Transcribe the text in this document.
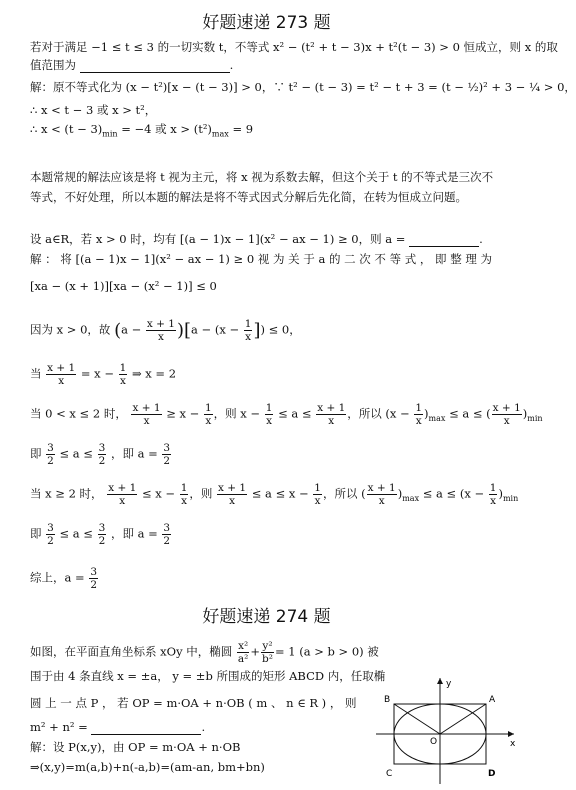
好题速递 273 题
若对于满足 −1 ≤ t ≤ 3 的一切实数 t，不等式 x² − (t² + t − 3)x + t²(t − 3) > 0 恒成立，则 x 的取
值范围为	.
解：原不等式化为 (x − t²)[x − (t − 3)] > 0，∵ t² − (t − 3) = t² − t + 3 = (t − ½)² + 3 − ¼ > 0，
∴ x < t − 3 或 x > t²，
∴ $x < (t - 3)_{min} = -4$ 或 $x > (t^2)_{max} = 9$
本题常规的解法应该是将 t 视为主元，将 x 视为系数去解，但这个关于 t 的不等式是三次不
等式，不好处理，所以本题的解法是将不等式因式分解后先化简，在转为恒成立问题。
设 a∈R，若 x > 0 时，均有 [(a − 1)x − 1](x² − ax − 1) ≥ 0，则 a =	.
解 ： 将 [(a − 1)x − 1](x² − ax − 1) ≥ 0 视 为 关 于 a 的 二 次 不 等 式 ， 即 整 理 为
[xa − (x + 1)][xa − (x² − 1)] ≤ 0
因为 x > 0，故 $(a - \frac{x + 1}{x} )[a - (x - \frac{1}{x}$ ]) ≤ 0，
当 $\frac{x + 1}{x} = x - \frac{1}{x}$ ⇒ x = 2
当 0 < x ≤ 2 时， $\frac{x + 1}{x} \ge x - \frac{1}{x}$ ，则 $x - \frac{1}{x} \le a \le \frac{x + 1}{x}$ ，所以 $(x - \frac{1}{x} )_{max} \le a$ ≤ ( $\frac{x + 1}{x} )_{min}$
即 $\frac{3}{2} \le a \le \frac{3}{2}$ ，即 $a = \frac{3}{2}$
当 x ≥ 2 时， $\frac{x + 1}{x} \le x - \frac{1}{x}$ ，则 $\frac{x + 1}{x} \le a \le x - \frac{1}{x}$ ，所以 ( $\frac{x + 1}{x} )_{max} \le a \le (x - \frac{1}{x} )_{min}$
即 $\frac{3}{2} \le a \le \frac{3}{2}$ ，即 $a = \frac{3}{2}$
综上，$a = \frac{3}{2}$
好题速递 274 题
如图，在平面直角坐标系 xOy 中，椭圆 $\frac{\text{x²}}{\text{a²}} + \frac{\text{y²}}{\text{b²}} = 1$ (a > b > 0) 被
围于由 4 条直线 x = ±a， y = ±b 所围成的矩形 ABCD 内，任取椭
圆 上 一 点 P ， 若 OP = m·OA + n·OB ( m 、 n ∈ R ) ， 则
m² + n² =	.
解：设 P(x,y)，由 OP = m·OA + n·OB
⇒(x,y)=m(a,b)+n(-a,b)=(am-an, bm+bn)
y
x
O
A
B
C	D
